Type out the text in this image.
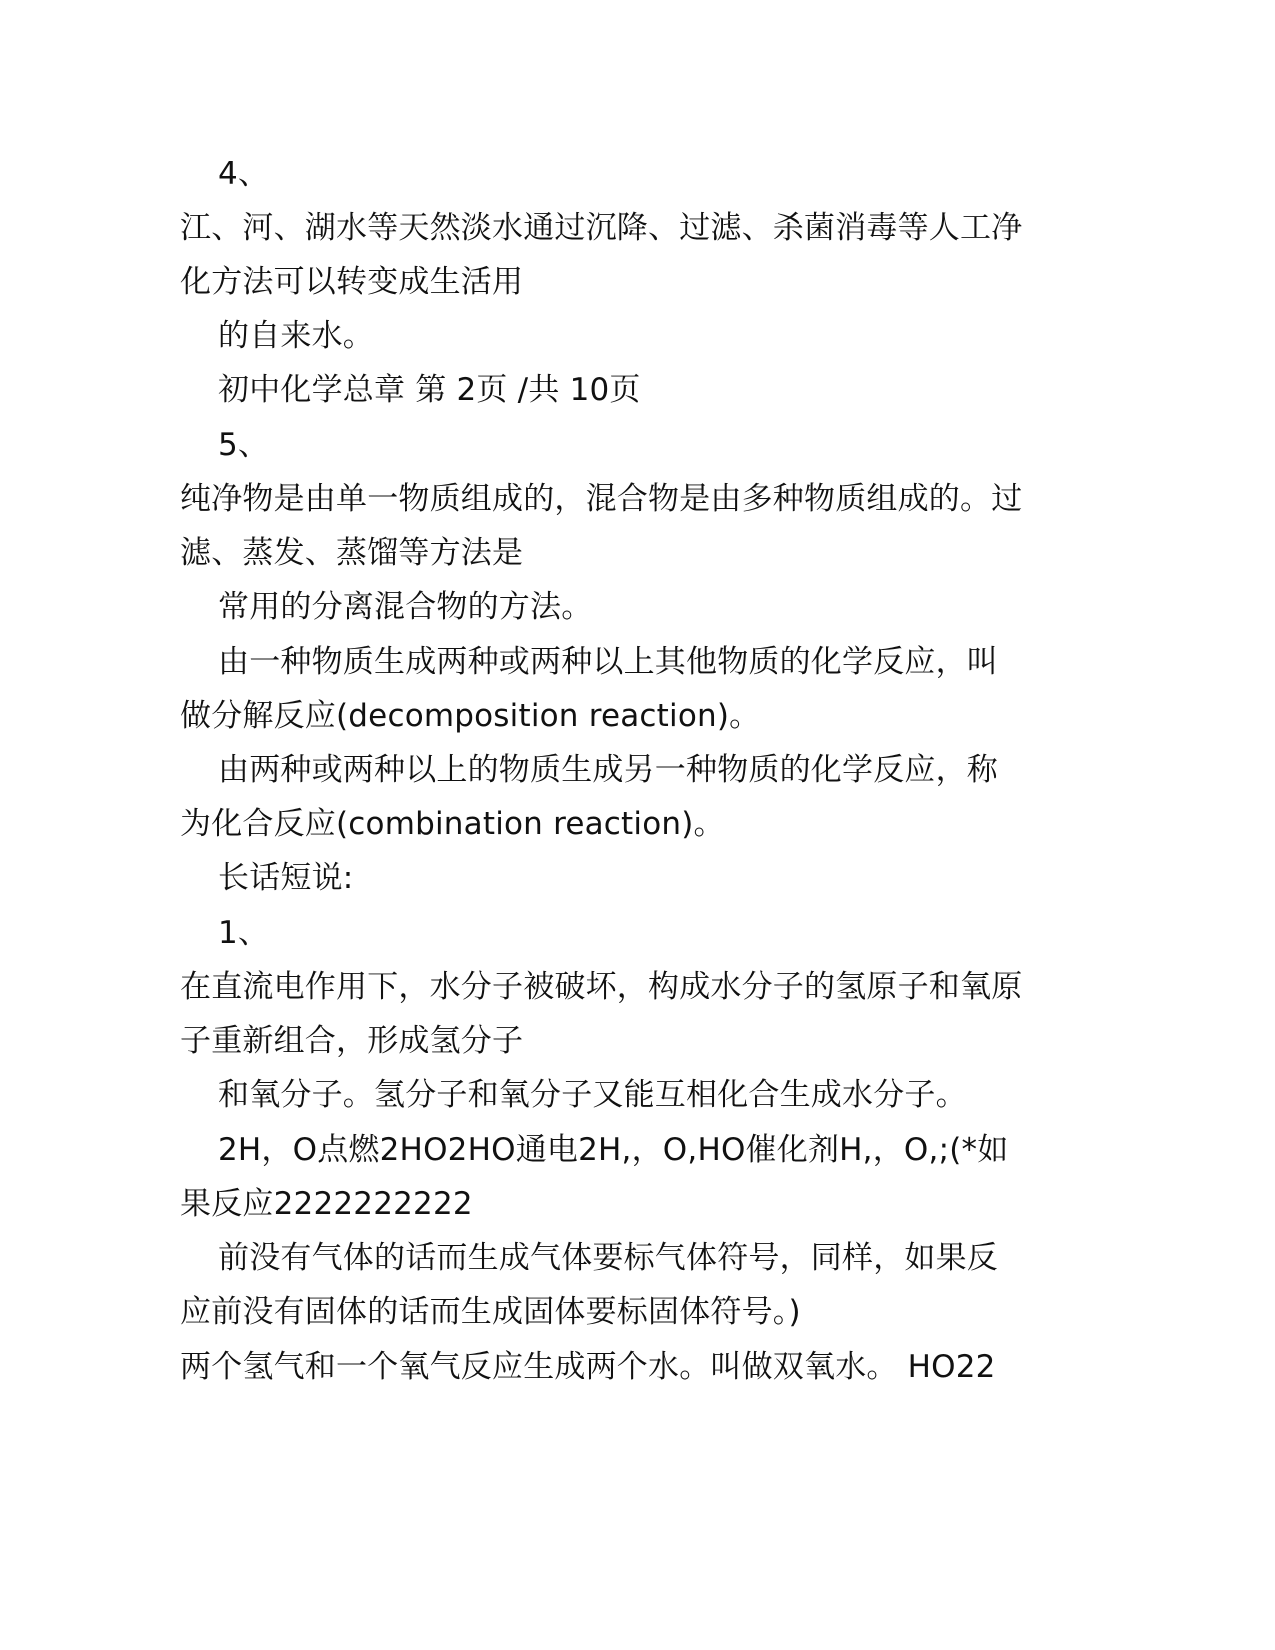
4、
江、河、湖水等天然淡水通过沉降、过滤、杀菌消毒等人工净
化方法可以转变成生活用
的自来水。
初中化学总章 第 2页 /共 10页
5、
纯净物是由单一物质组成的，混合物是由多种物质组成的。过
滤、蒸发、蒸馏等方法是
常用的分离混合物的方法。
由一种物质生成两种或两种以上其他物质的化学反应，叫
做分解反应(decomposition reaction)。
由两种或两种以上的物质生成另一种物质的化学反应，称
为化合反应(combination reaction)。
长话短说:
1、
在直流电作用下，水分子被破坏，构成水分子的氢原子和氧原
子重新组合，形成氢分子
和氧分子。氢分子和氧分子又能互相化合生成水分子。
2H，O点燃2HO2HO通电2H,，O,HO催化剂H,，O,;(*如
果反应2222222222
前没有气体的话而生成气体要标气体符号，同样，如果反
应前没有固体的话而生成固体要标固体符号。)
两个氢气和一个氧气反应生成两个水。叫做双氧水。 HO22
